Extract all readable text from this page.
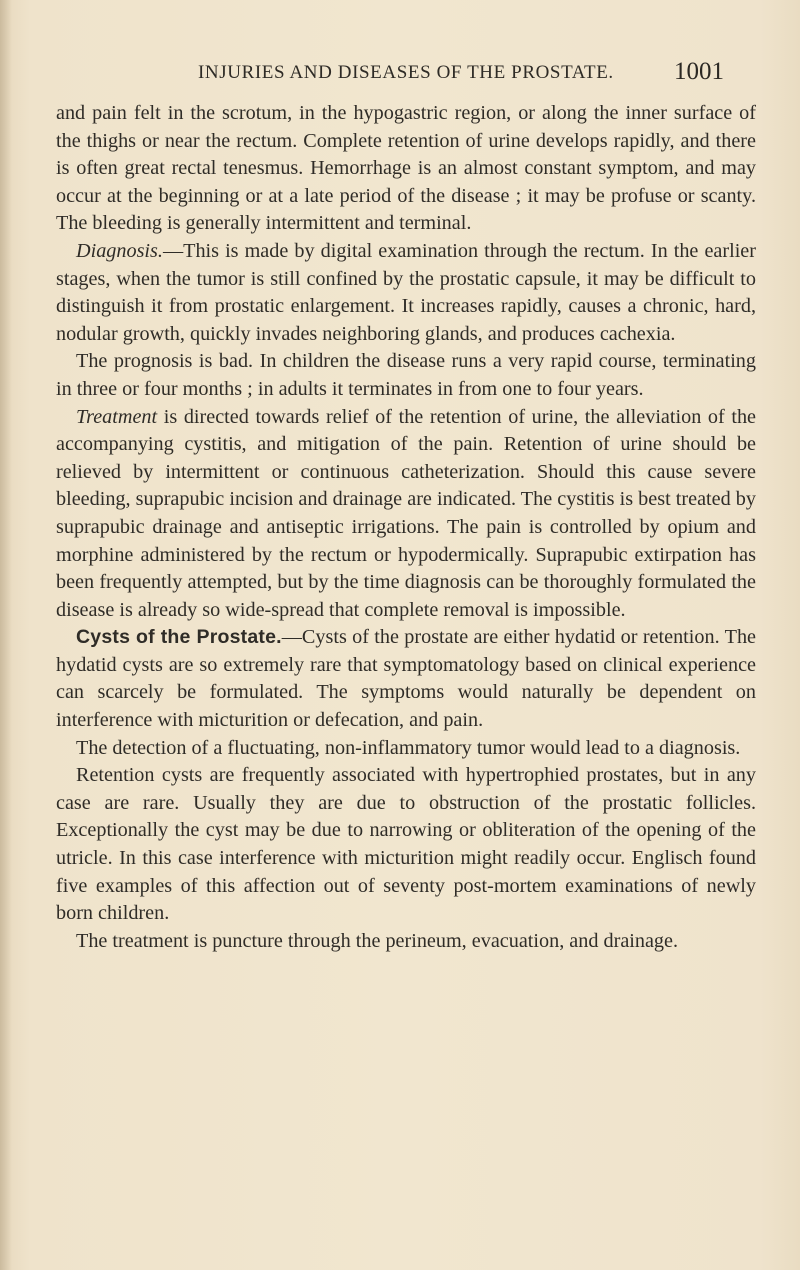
INJURIES AND DISEASES OF THE PROSTATE. 1001

and pain felt in the scrotum, in the hypogastric region, or along the inner surface of the thighs or near the rectum. Complete retention of urine develops rapidly, and there is often great rectal tenesmus. Hemorrhage is an almost constant symptom, and may occur at the beginning or at a late period of the disease ; it may be profuse or scanty. The bleeding is generally intermittent and terminal.

Diagnosis.—This is made by digital examination through the rectum. In the earlier stages, when the tumor is still confined by the prostatic capsule, it may be difficult to distinguish it from prostatic enlargement. It increases rapidly, causes a chronic, hard, nodular growth, quickly invades neighboring glands, and produces cachexia.

The prognosis is bad. In children the disease runs a very rapid course, terminating in three or four months ; in adults it terminates in from one to four years.

Treatment is directed towards relief of the retention of urine, the alleviation of the accompanying cystitis, and mitigation of the pain. Retention of urine should be relieved by intermittent or continuous catheterization. Should this cause severe bleeding, suprapubic incision and drainage are indicated. The cystitis is best treated by suprapubic drainage and antiseptic irrigations. The pain is controlled by opium and morphine administered by the rectum or hypodermically. Suprapubic extirpation has been frequently attempted, but by the time diagnosis can be thoroughly formulated the disease is already so wide-spread that complete removal is impossible.

Cysts of the Prostate.—Cysts of the prostate are either hydatid or retention. The hydatid cysts are so extremely rare that symptomatology based on clinical experience can scarcely be formulated. The symptoms would naturally be dependent on interference with micturition or defecation, and pain.

The detection of a fluctuating, non-inflammatory tumor would lead to a diagnosis.

Retention cysts are frequently associated with hypertrophied prostates, but in any case are rare. Usually they are due to obstruction of the prostatic follicles. Exceptionally the cyst may be due to narrowing or obliteration of the opening of the utricle. In this case interference with micturition might readily occur. Englisch found five examples of this affection out of seventy post-mortem examinations of newly born children.

The treatment is puncture through the perineum, evacuation, and drainage.
